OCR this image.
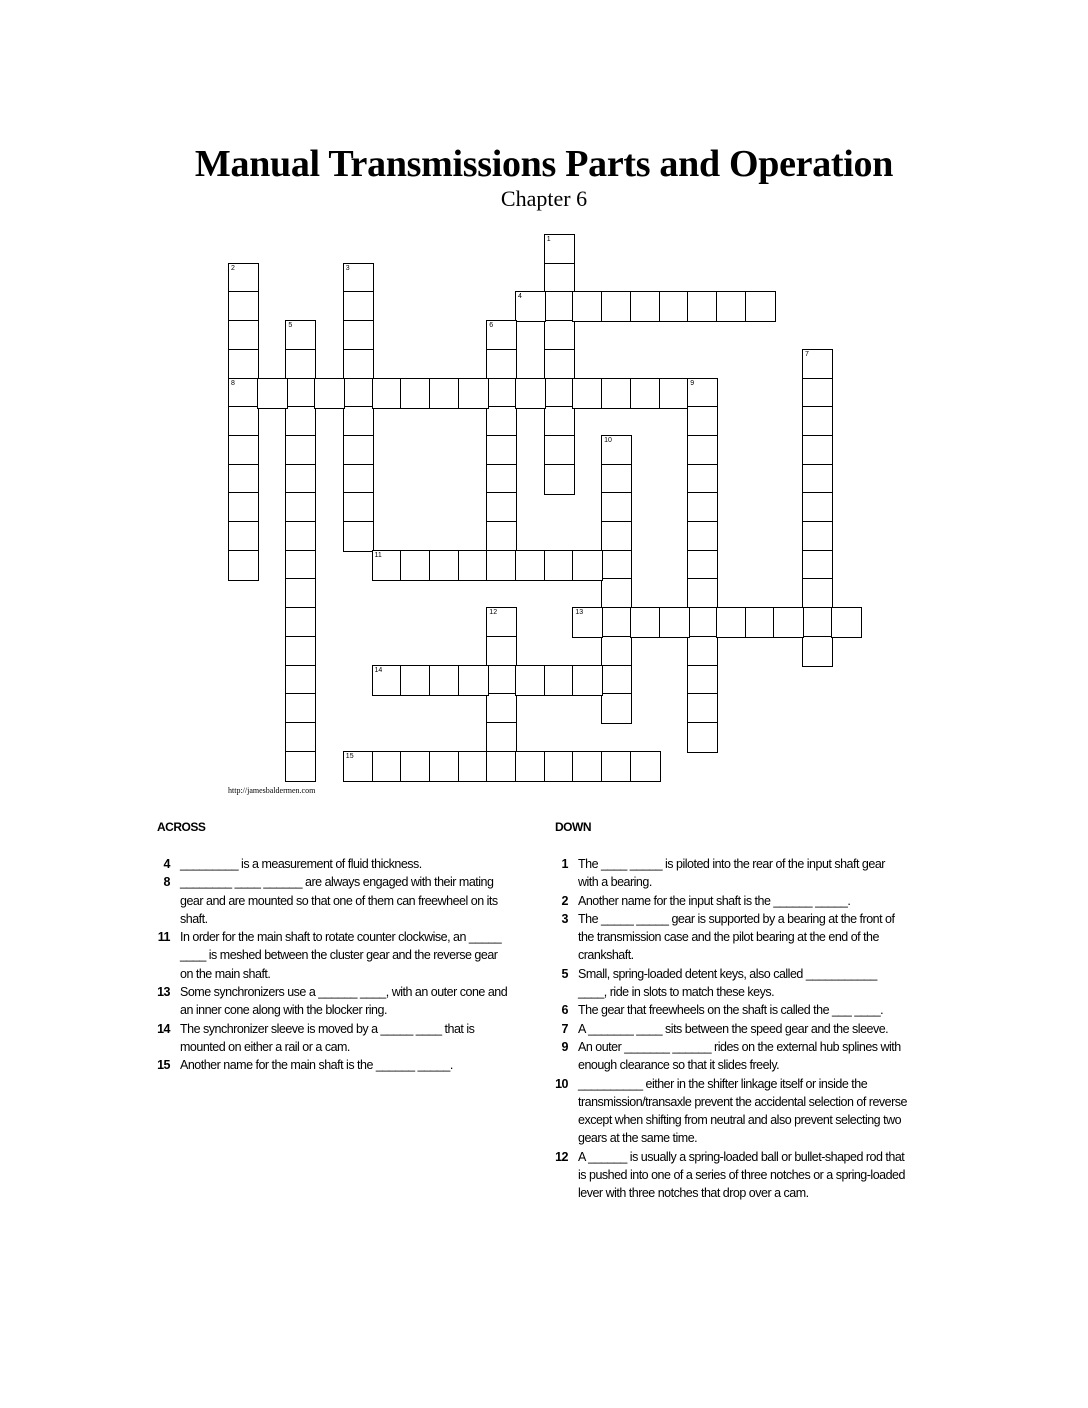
Manual Transmissions Parts and Operation
Chapter 6
1
2
8
3
4
5	6
7
9
10
11
12	13
14
15
http://jamesbaldermen.com
ACROSS	DOWN
4 _________ is a measurement of fluid thickness.
8 ________ ____ ______ are always engaged with their mating gear and are mounted so that one of them can freewheel on its shaft.
11 In order for the main shaft to rotate counter clockwise, an _____ ____ is meshed between the cluster gear and the reverse gear on the main shaft.
13 Some synchronizers use a ______ ____, with an outer cone and an inner cone along with the blocker ring.
14 The synchronizer sleeve is moved by a _____ ____ that is mounted on either a rail or a cam.
15 Another name for the main shaft is the ______ _____.
1 The ____ _____ is piloted into the rear of the input shaft gear with a bearing.
2 Another name for the input shaft is the ______ _____.
3 The _____ _____ gear is supported by a bearing at the front of the transmission case and the pilot bearing at the end of the crankshaft.
5 Small, spring-loaded detent keys, also called ___________ ____, ride in slots to match these keys.
6 The gear that freewheels on the shaft is called the ___ ____.
7 A _______ ____ sits between the speed gear and the sleeve.
9 An outer _______ ______ rides on the external hub splines with enough clearance so that it slides freely.
10 __________ either in the shifter linkage itself or inside the transmission/transaxle prevent the accidental selection of reverse except when shifting from neutral and also prevent selecting two gears at the same time.
12 A ______ is usually a spring-loaded ball or bullet-shaped rod that is pushed into one of a series of three notches or a spring-loaded lever with three notches that drop over a cam.
